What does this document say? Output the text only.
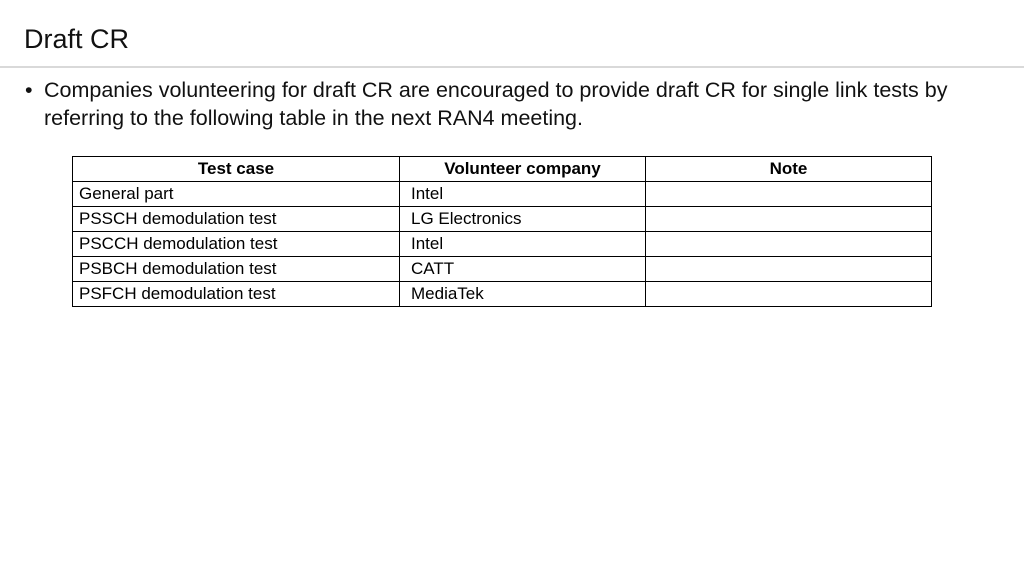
Draft CR
• Companies volunteering for draft CR are encouraged to provide draft CR for single link tests by referring to the following table in the next RAN4 meeting.
Test case	Volunteer company	Note
General part	Intel	
PSSCH demodulation test	LG Electronics	
PSCCH demodulation test	Intel	
PSBCH demodulation test	CATT	
PSFCH demodulation test	MediaTek	
